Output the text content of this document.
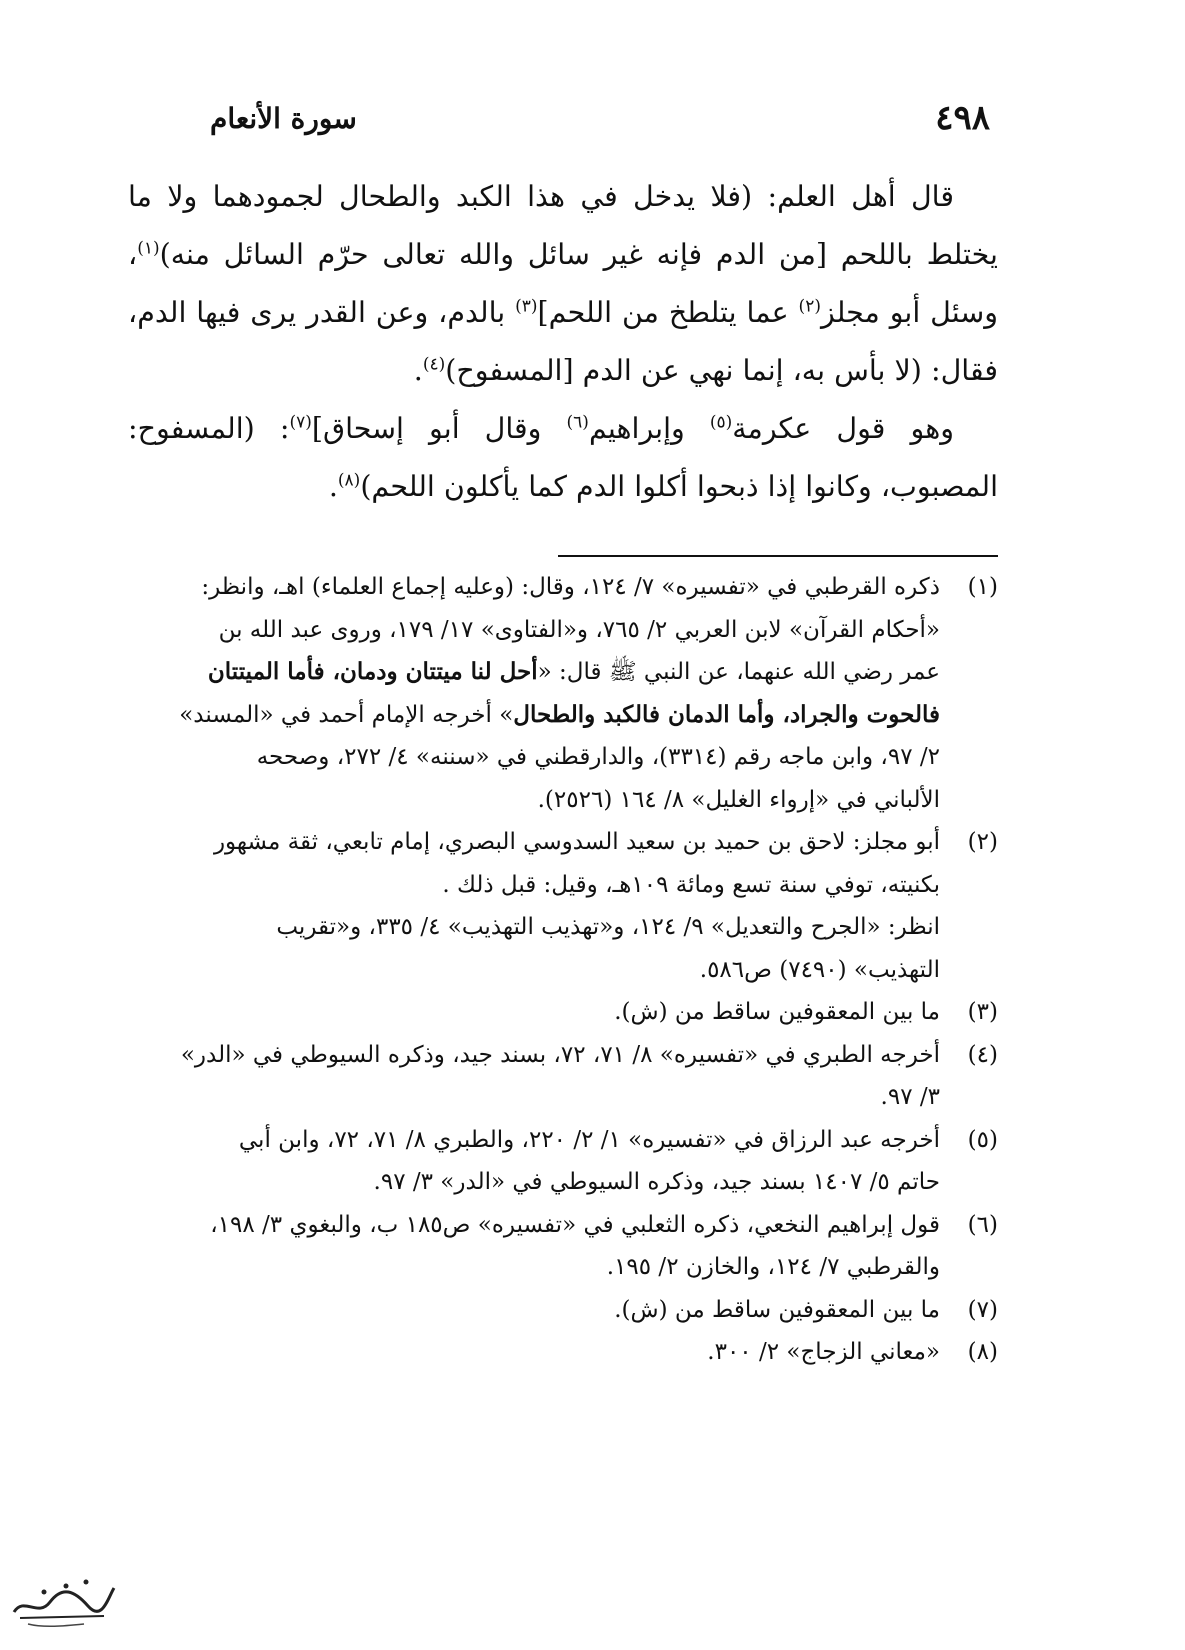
٤٩٨
سورة الأنعام

قال أهل العلم: (فلا يدخل في هذا الكبد والطحال لجمودهما ولا ما يختلط باللحم [من الدم فإنه غير سائل والله تعالى حرّم السائل منه)$^{(١)}$، وسئل أبو مجلز$^{(٢)}$ عما يتلطخ من اللحم]$^{(٣)}$ بالدم، وعن القدر يرى فيها الدم، فقال: (لا بأس به، إنما نهي عن الدم [المسفوح)$^{(٤)}$.

وهو قول عكرمة$^{(٥)}$ وإبراهيم$^{(٦)}$ وقال أبو إسحاق]$^{(٧)}$: (المسفوح: المصبوب، وكانوا إذا ذبحوا أكلوا الدم كما يأكلون اللحم)$^{(٨)}$.

(١)
ذكره القرطبي في «تفسيره» ٧/ ١٢٤، وقال: (وعليه إجماع العلماء) اهـ، وانظر:
«أحكام القرآن» لابن العربي ٢/ ٧٦٥، و«الفتاوى» ١٧/ ١٧٩، وروى عبد الله بن
عمر رضي الله عنهما، عن النبي ﷺ قال: «أحل لنا ميتتان ودمان، فأما الميتتان
فالحوت والجراد، وأما الدمان فالكبد والطحال» أخرجه الإمام أحمد في «المسند»
٢/ ٩٧، وابن ماجه رقم (٣٣١٤)، والدارقطني في «سننه» ٤/ ٢٧٢، وصححه
الألباني في «إرواء الغليل» ٨/ ١٦٤ (٢٥٢٦).
(٢)
أبو مجلز: لاحق بن حميد بن سعيد السدوسي البصري، إمام تابعي، ثقة مشهور
بكنيته، توفي سنة تسع ومائة ١٠٩هـ، وقيل: قبل ذلك .
انظر: «الجرح والتعديل» ٩/ ١٢٤، و«تهذيب التهذيب» ٤/ ٣٣٥، و«تقريب
التهذيب» (٧٤٩٠) ص٥٨٦.
(٣)
ما بين المعقوفين ساقط من (ش).
(٤)
أخرجه الطبري في «تفسيره» ٨/ ٧١، ٧٢، بسند جيد، وذكره السيوطي في «الدر»
٣/ ٩٧.
(٥)
أخرجه عبد الرزاق في «تفسيره» ١/ ٢/ ٢٢٠، والطبري ٨/ ٧١، ٧٢، وابن أبي
حاتم ٥/ ١٤٠٧ بسند جيد، وذكره السيوطي في «الدر» ٣/ ٩٧.
(٦)
قول إبراهيم النخعي، ذكره الثعلبي في «تفسيره» ص١٨٥ ب، والبغوي ٣/ ١٩٨،
والقرطبي ٧/ ١٢٤، والخازن ٢/ ١٩٥.
(٧)
ما بين المعقوفين ساقط من (ش).
(٨)
«معاني الزجاج» ٢/ ٣٠٠.
